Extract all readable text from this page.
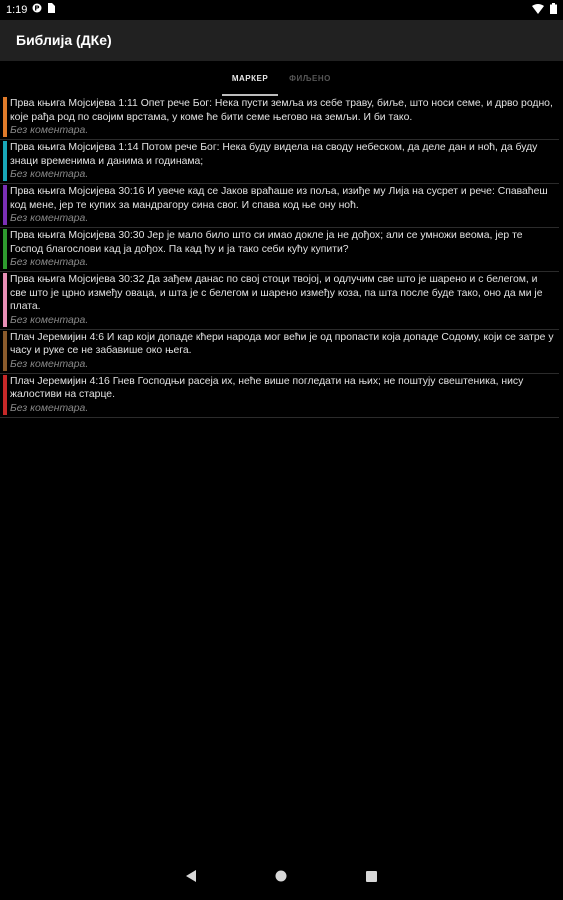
1:19 P
Библија (ДКе)
МАРКЕР	ФИЉЕНО
Прва књига Мојсијева 1:11 Опет рече Бог: Нека пусти земља из себе траву, биље, што носи семе, и дрво родно, које рађа род по својим врстама, у коме ће бити семе његово на земљи. И би тако.
Без коментара.
Прва књига Мојсијева 1:14 Потом рече Бог: Нека буду видела на своду небеском, да деле дан и ноћ, да буду знаци временима и данима и годинама;
Без коментара.
Прва књига Мојсијева 30:16 И увече кад се Јаков враћаше из поља, изиђе му Лија на сусрет и рече: Спаваћеш код мене, јер те купих за мандрагору сина свог. И спава код ње ону ноћ.
Без коментара.
Прва књига Мојсијева 30:30 Јер је мало било што си имао докле ја не дођох; али се умножи веома, јер те Господ благослови кад ја дођох. Па кад ћу и ја тако себи кућу купити?
Без коментара.
Прва књига Мојсијева 30:32 Да зађем данас по свој стоци твојој, и одлучим све што је шарено и с белегом, и све што је црно између оваца, и шта је с белегом и шарено између коза, па шта после буде тако, оно да ми је плата.
Без коментара.
Плач Јеремијин 4:6 И кар који допаде кћери народа мог већи је од пропасти која допаде Содому, који се затре у часу и руке се не забавише око њега.
Без коментара.
Плач Јеремијин 4:16 Гнев Господњи расеја их, неће више погледати на њих; не поштују свештеника, нису жалостиви на старце.
Без коментара.
